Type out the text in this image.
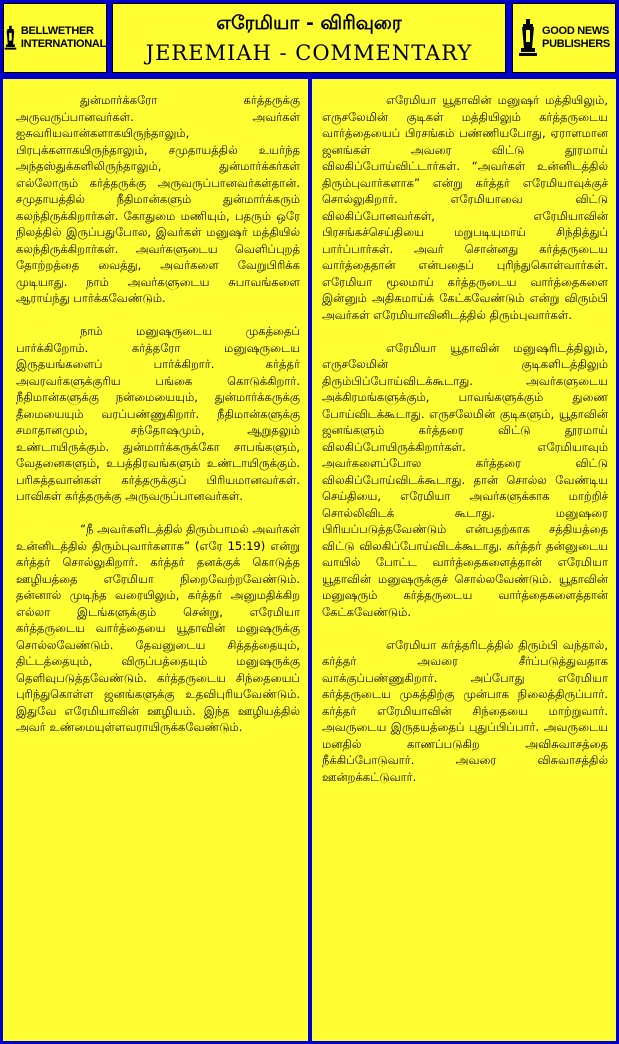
BELLWETHER
INTERNATIONAL
எரேமியா - விரிவுரை
JEREMIAH - COMMENTARY
GOOD NEWS
PUBLISHERS

துன்மார்க்கரோ கர்த்தருக்கு அருவருப்பானவர்கள். அவர்கள் ஐசுவரியவான்களாகயிருந்தாலும், பிரபுக்களாகயிருந்தாலும், சமுதாயத்தில் உயர்ந்த அந்தஸ்துக்களிலிருந்தாலும், துன்மார்க்கர்கள் எல்லோரும் கர்த்தருக்கு அருவருப்பானவர்கள்தான். சமுதாயத்தில் நீதிமான்களும் துன்மார்க்கரும் கலந்திருக்கிறார்கள். கோதுமை மணியும், பதரும் ஒரே நிலத்தில் இருப்பதுபோல, இவர்கள் மனுஷர் மத்தியில் கலந்திருக்கிறார்கள். அவர்களுடைய வெளிப்புறத் தோற்றத்தை வைத்து, அவர்களை வேறுபிரிக்க முடியாது. நாம் அவர்களுடைய சுபாவங்களை ஆராய்ந்து பார்க்கவேண்டும்.

நாம் மனுஷருடைய முகத்தைப் பார்க்கிறோம். கர்த்தரோ மனுஷருடைய இருதயங்களைப் பார்க்கிறார். கர்த்தர் அவரவர்களுக்குரிய பங்கை கொடுக்கிறார். நீதிமான்களுக்கு நன்மையையும், துன்மார்க்கருக்கு தீமையையும் வரப்பண்ணுகிறார். நீதிமான்களுக்கு சமாதானமும், சந்தோஷமும், ஆறுதலும் உண்டாயிருக்கும். துன்மார்க்கருக்கோ சாபங்களும், வேதனைகளும், உபத்திரவங்களும் உண்டாயிருக்கும். பரிசுத்தவான்கள் கர்த்தருக்குப் பிரியமானவர்கள். பாவிகள் கர்த்தருக்கு அருவருப்பானவர்கள்.

“நீ அவர்களிடத்தில் திரும்பாமல் அவர்கள் உன்னிடத்தில் திரும்புவார்களாக” (எரே 15:19) என்று கர்த்தர் சொல்லுகிறார். கர்த்தர் தனக்குக் கொடுத்த ஊழியத்தை எரேமியா நிறைவேற்றவேண்டும். தன்னால் முடிந்த வரையிலும், கர்த்தர் அனுமதிக்கிற எல்லா இடங்களுக்கும் சென்று, எரேமியா கர்த்தருடைய வார்த்தையை யூதாவின் மனுஷருக்கு சொல்லவேண்டும். தேவனுடைய சித்தத்தையும், திட்டத்தையும், விருப்பத்தையும் மனுஷருக்கு தெளிவுபடுத்தவேண்டும். கர்த்தருடைய சிந்தையைப் புரிந்துகொள்ள ஜனங்களுக்கு உதவிபுரியவேண்டும். இதுவே எரேமியாவின் ஊழியம். இந்த ஊழியத்தில் அவர் உண்மையுள்ளவராயிருக்கவேண்டும்.

எரேமியா யூதாவின் மனுஷர் மத்தியிலும், எருசலேமின் குடிகள் மத்தியிலும் கர்த்தருடைய வார்த்தையைப் பிரசங்கம் பண்ணியபோது, ஏராளமான ஜனங்கள் அவரை விட்டு தூரமாய் விலகிப்போய்விட்டார்கள். “அவர்கள் உன்னிடத்தில் திரும்புவார்களாக” என்று கர்த்தர் எரேமியாவுக்குச் சொல்லுகிறார். எரேமியாவை விட்டு விலகிப்போனவர்கள், எரேமியாவின் பிரசங்கச்செய்தியை மறுபடியுமாய் சிந்தித்துப் பார்ப்பார்கள். அவர் சொன்னது கர்த்தருடைய வார்த்தைதான் என்பதைப் புரிந்துகொள்வார்கள். எரேமியா மூலமாய் கர்த்தருடைய வார்த்தைகளை இன்னும் அதிகமாய்க் கேட்கவேண்டும் என்று விரும்பி அவர்கள் எரேமியாவினிடத்தில் திரும்புவார்கள்.

எரேமியா யூதாவின் மனுஷரிடத்திலும், எருசலேமின் குடிகளிடத்திலும் திரும்பிப்போய்விடக்கூடாது. அவர்களுடைய அக்கிரமங்களுக்கும், பாவங்களுக்கும் துணை போய்விடக்கூடாது. எருசலேமின் குடிகளும், யூதாவின் ஜனங்களும் கர்த்தரை விட்டு தூரமாய் விலகிப்போயிருக்கிறார்கள். எரேமியாவும் அவர்களைப்போல கர்த்தரை விட்டு விலகிப்போய்விடக்கூடாது. தான் சொல்ல வேண்டிய செய்தியை, எரேமியா அவர்களுக்காக மாற்றிச் சொல்லிவிடக் கூடாது. மனுஷரை பிரியப்படுத்தவேண்டும் என்பதற்காக சத்தியத்தை விட்டு விலகிப்போய்விடக்கூடாது. கர்த்தர் தன்னுடைய வாயில் போட்ட வார்த்தைகளைத்தான் எரேமியா யூதாவின் மனுஷருக்குச் சொல்லவேண்டும். யூதாவின் மனுஷரும் கர்த்தருடைய வார்த்தைகளைத்தான் கேட்கவேண்டும்.

எரேமியா கர்த்தரிடத்தில் திரும்பி வந்தால், கர்த்தர் அவரை சீர்ப்படுத்துவதாக வாக்குப்பண்ணுகிறார். அப்போது எரேமியா கர்த்தருடைய முகத்திற்கு முன்பாக நிலைத்திருப்பார். கர்த்தர் எரேமியாவின் சிந்தையை மாற்றுவார். அவருடைய இருதயத்தைப் புதுப்பிப்பார். அவருடைய மனதில் காணப்படுகிற அவிசுவாசத்தை நீக்கிப்போடுவார். அவரை விசுவாசத்தில் ஊன்றக்கட்டுவார்.
